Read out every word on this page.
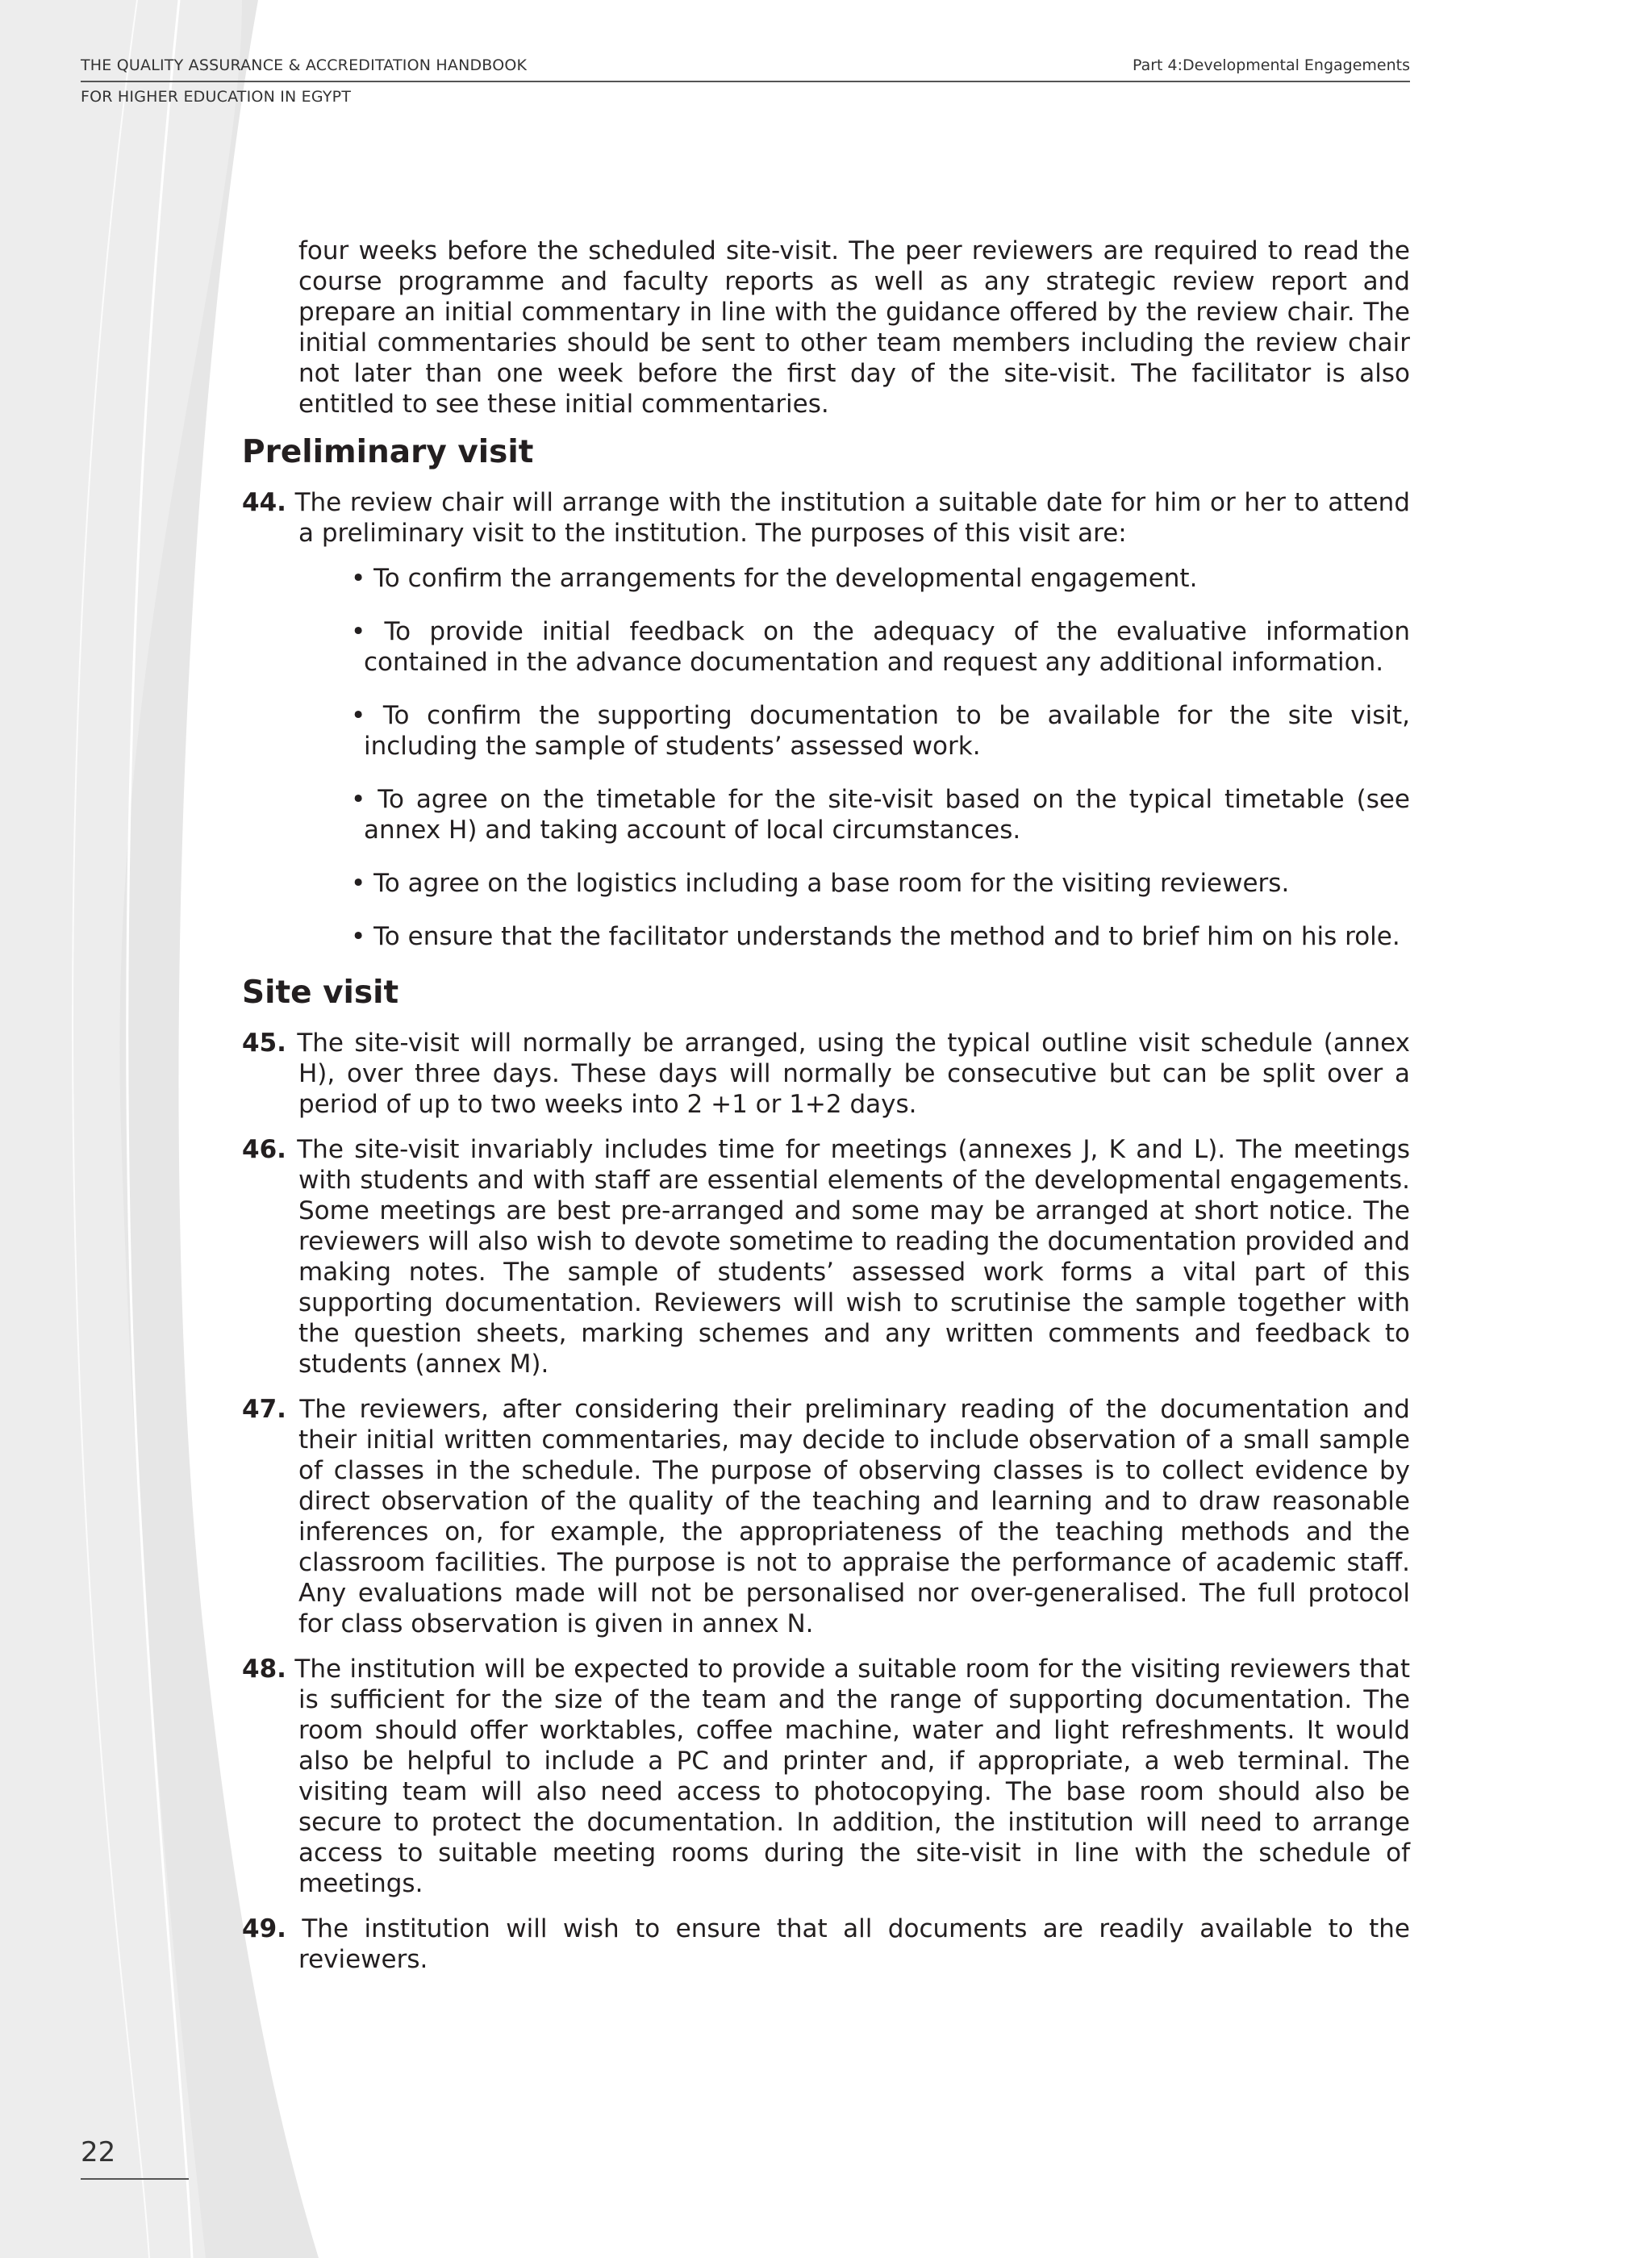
THE QUALITY ASSURANCE & ACCREDITATION HANDBOOK	Part 4:Developmental Engagements
FOR HIGHER EDUCATION IN EGYPT

four weeks before the scheduled site-visit. The peer reviewers are required to read the course programme and faculty reports as well as any strategic review report and prepare an initial commentary in line with the guidance offered by the review chair. The initial commentaries should be sent to other team members including the review chair not later than one week before the first day of the site-visit. The facilitator is also entitled to see these initial commentaries.

Preliminary visit

44. The review chair will arrange with the institution a suitable date for him or her to attend a preliminary visit to the institution. The purposes of this visit are:

• To confirm the arrangements for the developmental engagement.
• To provide initial feedback on the adequacy of the evaluative information contained in the advance documentation and request any additional information.
• To confirm the supporting documentation to be available for the site visit, including the sample of students’ assessed work.
• To agree on the timetable for the site-visit based on the typical timetable (see annex H) and taking account of local circumstances.
• To agree on the logistics including a base room for the visiting reviewers.
• To ensure that the facilitator understands the method and to brief him on his role.
Site visit

45. The site-visit will normally be arranged, using the typical outline visit schedule (annex H), over three days. These days will normally be consecutive but can be split over a period of up to two weeks into 2 +1 or 1+2 days.

46. The site-visit invariably includes time for meetings (annexes J, K and L). The meetings with students and with staff are essential elements of the developmental engagements. Some meetings are best pre-arranged and some may be arranged at short notice. The reviewers will also wish to devote sometime to reading the documentation provided and making notes. The sample of students’ assessed work forms a vital part of this supporting documentation. Reviewers will wish to scrutinise the sample together with the question sheets, marking schemes and any written comments and feedback to students (annex M).

47. The reviewers, after considering their preliminary reading of the documentation and their initial written commentaries, may decide to include observation of a small sample of classes in the schedule. The purpose of observing classes is to collect evidence by direct observation of the quality of the teaching and learning and to draw reasonable inferences on, for example, the appropriateness of the teaching methods and the classroom facilities. The purpose is not to appraise the performance of academic staff. Any evaluations made will not be personalised nor over-generalised. The full protocol for class observation is given in annex N.

48. The institution will be expected to provide a suitable room for the visiting reviewers that is sufficient for the size of the team and the range of supporting documentation. The room should offer worktables, coffee machine, water and light refreshments. It would also be helpful to include a PC and printer and, if appropriate, a web terminal. The visiting team will also need access to photocopying. The base room should also be secure to protect the documentation. In addition, the institution will need to arrange access to suitable meeting rooms during the site-visit in line with the schedule of meetings.

49. The institution will wish to ensure that all documents are readily available to the reviewers.

22
